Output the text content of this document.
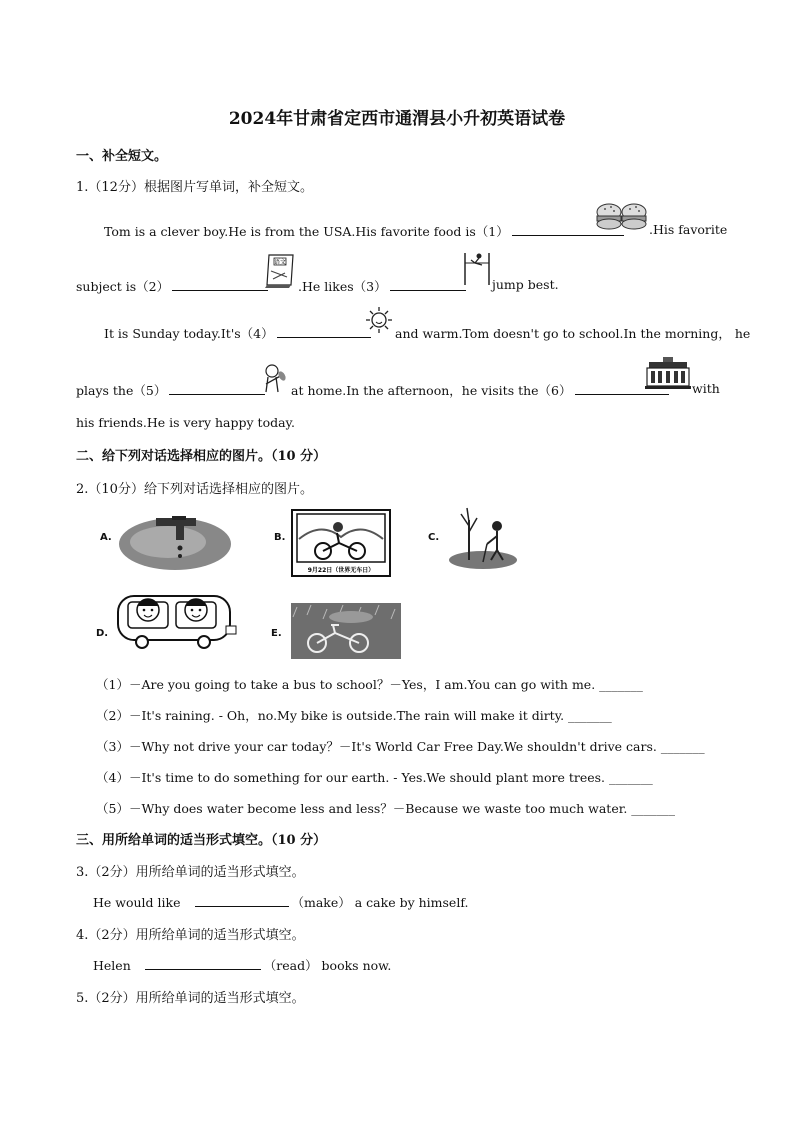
2024年甘肃省定西市通渭县小升初英语试卷
一、补全短文。
1.（12分）根据图片写单词，补全短文。
Tom is a clever boy.He is from the USA.His favorite food is（1）	.His favorite
subject is（2）
语文
.He likes（3）	jump best.
It is Sunday today.It's（4）	and warm.Tom doesn't go to school.In the morning， he
plays the（5）	at home.In the afternoon，he visits the（6）	with
his friends.He is very happy today.
二、给下列对话选择相应的图片。（10 分）
2.（10分）给下列对话选择相应的图片。
A.	B.
9月22日（世界无车日）
C.
D.	E.
（1）－Are you going to take a bus to school？－Yes，I am.You can go with me. _______
（2）－It's raining. - Oh，no.My bike is outside.The rain will make it dirty. _______
（3）－Why not drive your car today？－It's World Car Free Day.We shouldn't drive cars. _______
（4）－It's time to do something for our earth. - Yes.We should plant more trees. _______
（5）－Why does water become less and less？－Because we waste too much water. _______
三、用所给单词的适当形式填空。（10 分）
3.（2分）用所给单词的适当形式填空。
He would like	（make） a cake by himself.
4.（2分）用所给单词的适当形式填空。
Helen	（read） books now.
5.（2分）用所给单词的适当形式填空。
